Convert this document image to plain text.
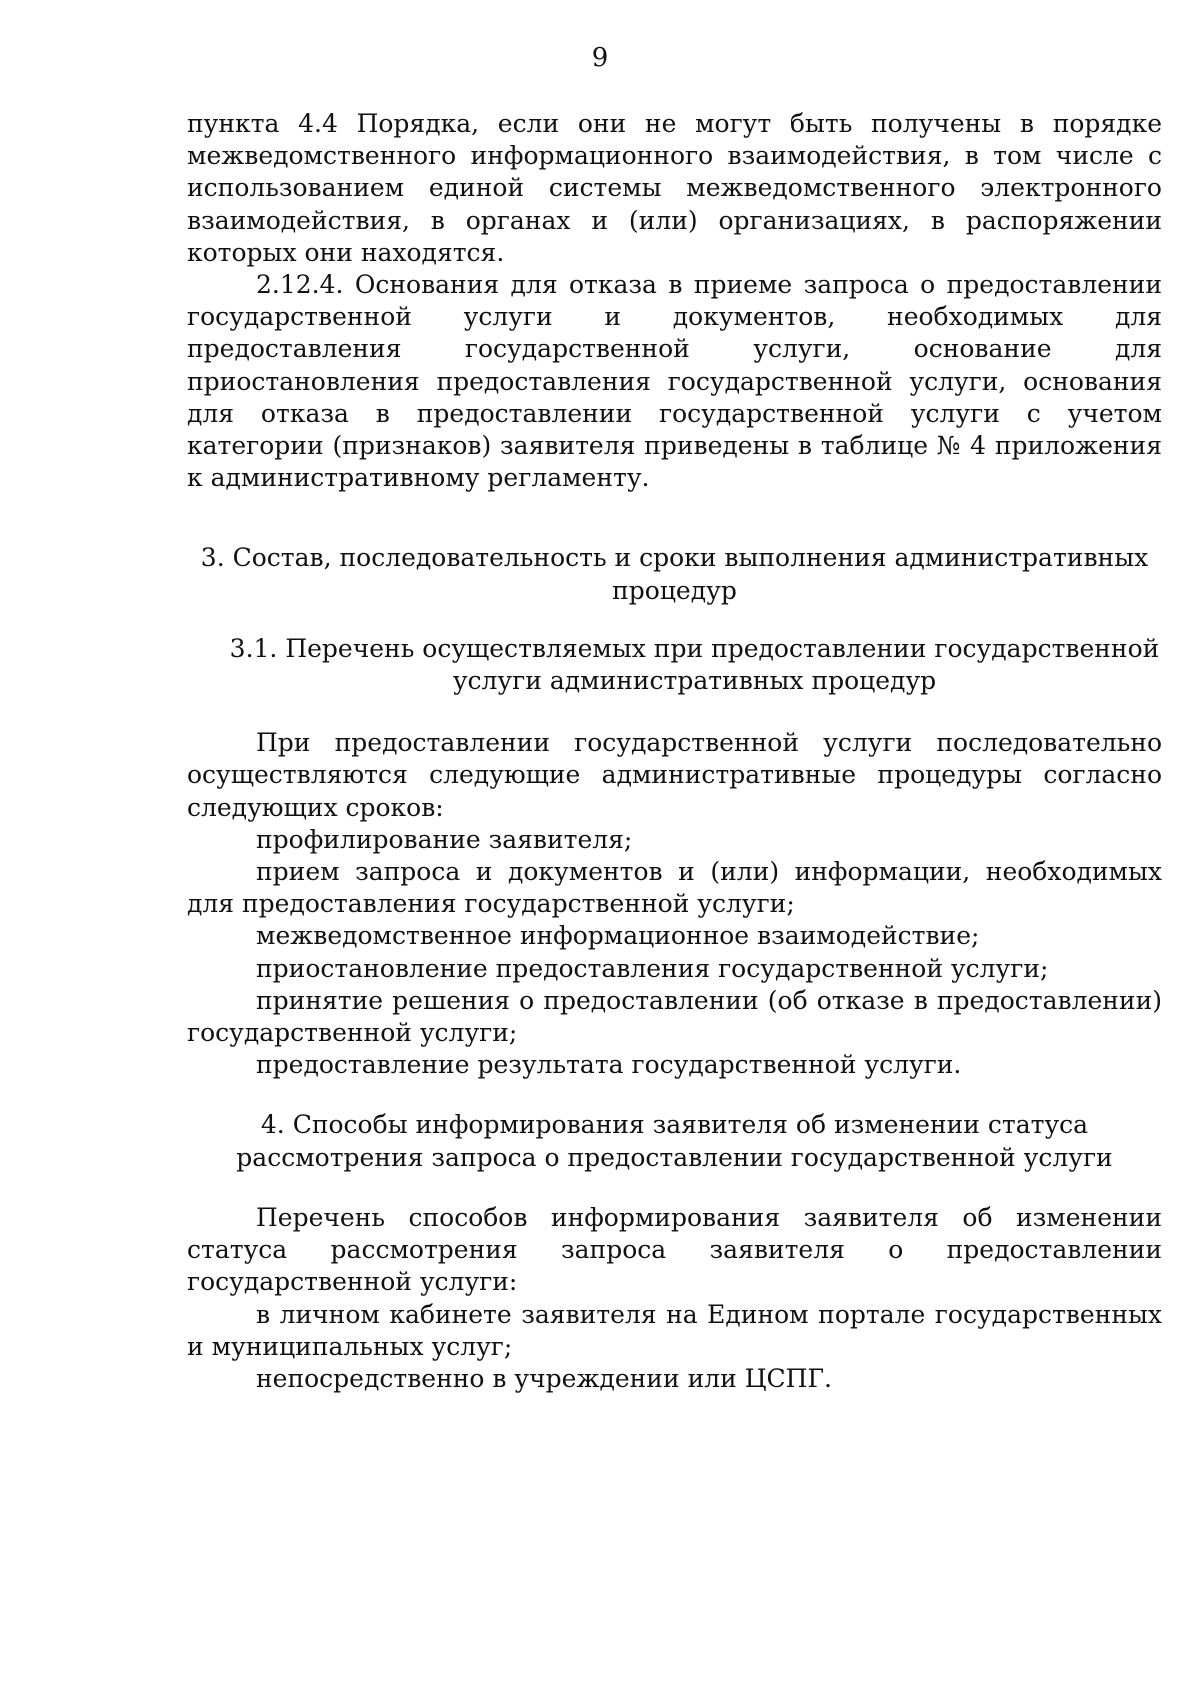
9

пункта 4.4 Порядка, если они не могут быть получены в порядке межведомственного информационного взаимодействия, в том числе с использованием единой системы межведомственного электронного взаимодействия, в органах и (или) организациях, в распоряжении которых они находятся.

2.12.4. Основания для отказа в приеме запроса о предоставлении государственной услуги и документов, необходимых для предоставления государственной услуги, основание для приостановления предоставления государственной услуги, основания для отказа в предоставлении государственной услуги с учетом категории (признаков) заявителя приведены в таблице № 4 приложения к административному регламенту.

3. Состав, последовательность и сроки выполнения административных процедур

3.1. Перечень осуществляемых при предоставлении государственной услуги административных процедур

При предоставлении государственной услуги последовательно осуществляются следующие административные процедуры согласно следующих сроков:

профилирование заявителя;

прием запроса и документов и (или) информации, необходимых для предоставления государственной услуги;

межведомственное информационное взаимодействие;

приостановление предоставления государственной услуги;

принятие решения о предоставлении (об отказе в предоставлении) государственной услуги;

предоставление результата государственной услуги.

4. Способы информирования заявителя об изменении статуса рассмотрения запроса о предоставлении государственной услуги

Перечень способов информирования заявителя об изменении статуса рассмотрения запроса заявителя о предоставлении государственной услуги:

в личном кабинете заявителя на Едином портале государственных и муниципальных услуг;

непосредственно в учреждении или ЦСПГ.
